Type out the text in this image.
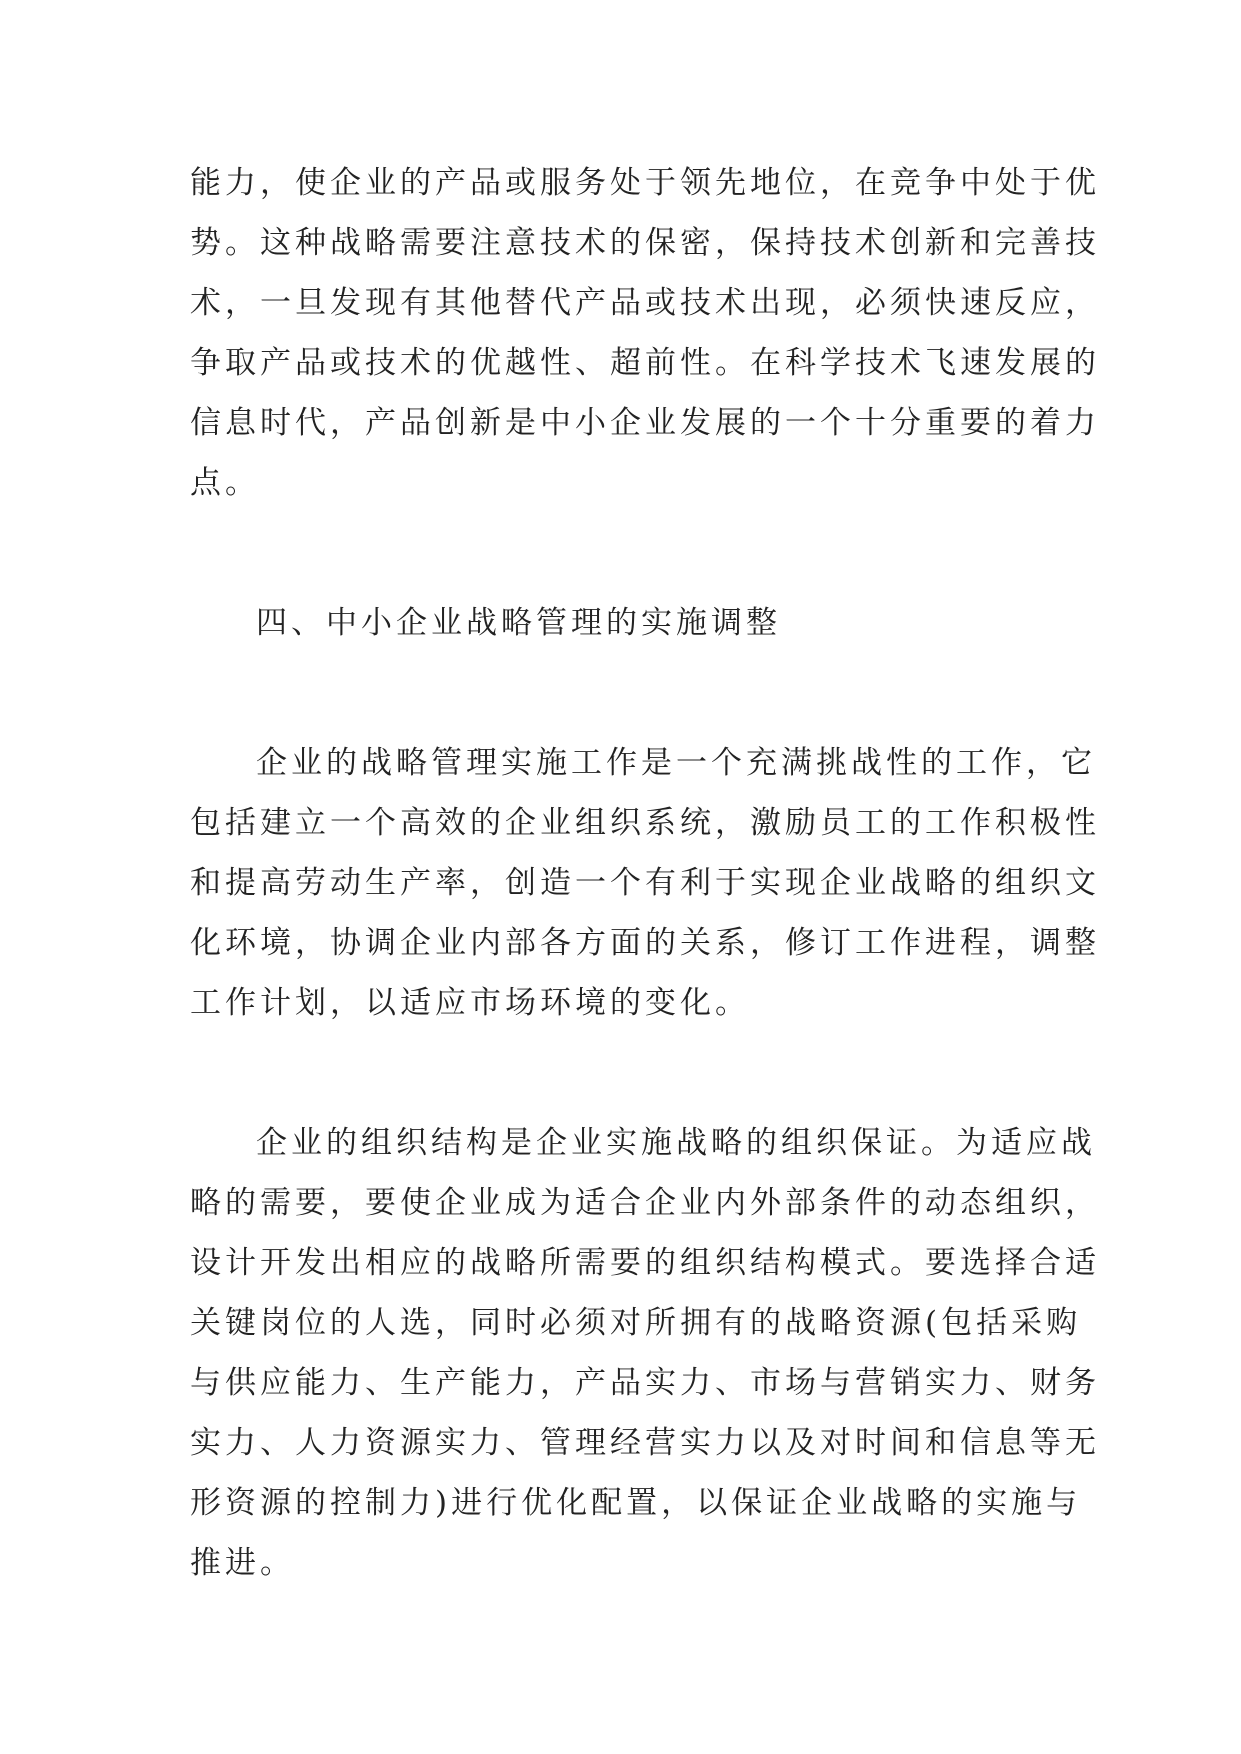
能力，使企业的产品或服务处于领先地位，在竞争中处于优
势。这种战略需要注意技术的保密，保持技术创新和完善技
术，一旦发现有其他替代产品或技术出现，必须快速反应，
争取产品或技术的优越性、超前性。在科学技术飞速发展的
信息时代，产品创新是中小企业发展的一个十分重要的着力
点。
四、中小企业战略管理的实施调整
企业的战略管理实施工作是一个充满挑战性的工作，它
包括建立一个高效的企业组织系统，激励员工的工作积极性
和提高劳动生产率，创造一个有利于实现企业战略的组织文
化环境，协调企业内部各方面的关系，修订工作进程，调整
工作计划，以适应市场环境的变化。
企业的组织结构是企业实施战略的组织保证。为适应战
略的需要，要使企业成为适合企业内外部条件的动态组织，
设计开发出相应的战略所需要的组织结构模式。要选择合适
关键岗位的人选，同时必须对所拥有的战略资源(包括采购
与供应能力、生产能力，产品实力、市场与营销实力、财务
实力、人力资源实力、管理经营实力以及对时间和信息等无
形资源的控制力)进行优化配置，以保证企业战略的实施与
推进。
